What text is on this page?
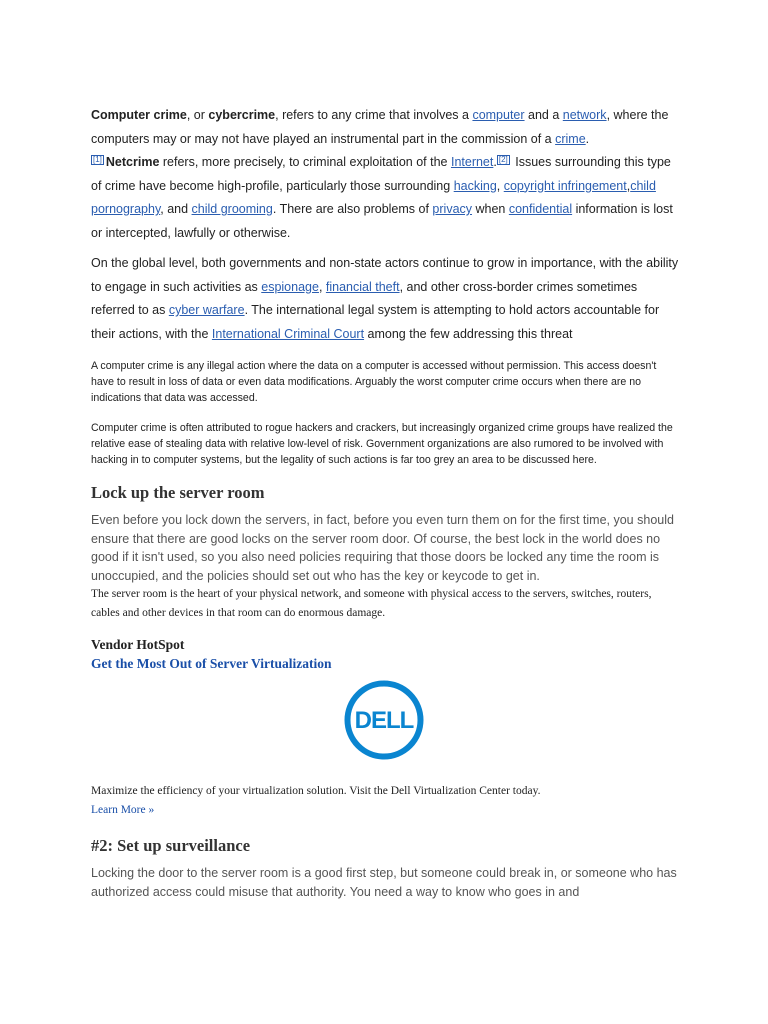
Computer crime, or cybercrime, refers to any crime that involves a computer and a network, where the computers may or may not have played an instrumental part in the commission of a crime.
[1] Netcrime refers, more precisely, to criminal exploitation of the Internet. [2] Issues surrounding this type of crime have become high-profile, particularly those surrounding hacking, copyright infringement,child pornography, and child grooming. There are also problems of privacy when confidential information is lost or intercepted, lawfully or otherwise.

On the global level, both governments and non-state actors continue to grow in importance, with the ability to engage in such activities as espionage, financial theft, and other cross-border crimes sometimes referred to as cyber warfare. The international legal system is attempting to hold actors accountable for their actions, with the International Criminal Court among the few addressing this threat

A computer crime is any illegal action where the data on a computer is accessed without permission. This access doesn't have to result in loss of data or even data modifications. Arguably the worst computer crime occurs when there are no indications that data was accessed.

Computer crime is often attributed to rogue hackers and crackers, but increasingly organized crime groups have realized the relative ease of stealing data with relative low-level of risk. Government organizations are also rumored to be involved with hacking in to computer systems, but the legality of such actions is far too grey an area to be discussed here.

Lock up the server room

Even before you lock down the servers, in fact, before you even turn them on for the first time, you should ensure that there are good locks on the server room door. Of course, the best lock in the world does no good if it isn't used, so you also need policies requiring that those doors be locked any time the room is unoccupied, and the policies should set out who has the key or keycode to get in.

The server room is the heart of your physical network, and someone with physical access to the servers, switches, routers, cables and other devices in that room can do enormous damage.

Vendor HotSpot
Get the Most Out of Server Virtualization
DELL

Maximize the efficiency of your virtualization solution. Visit the Dell Virtualization Center today.

Learn More »
#2: Set up surveillance

Locking the door to the server room is a good first step, but someone could break in, or someone who has authorized access could misuse that authority. You need a way to know who goes in and
